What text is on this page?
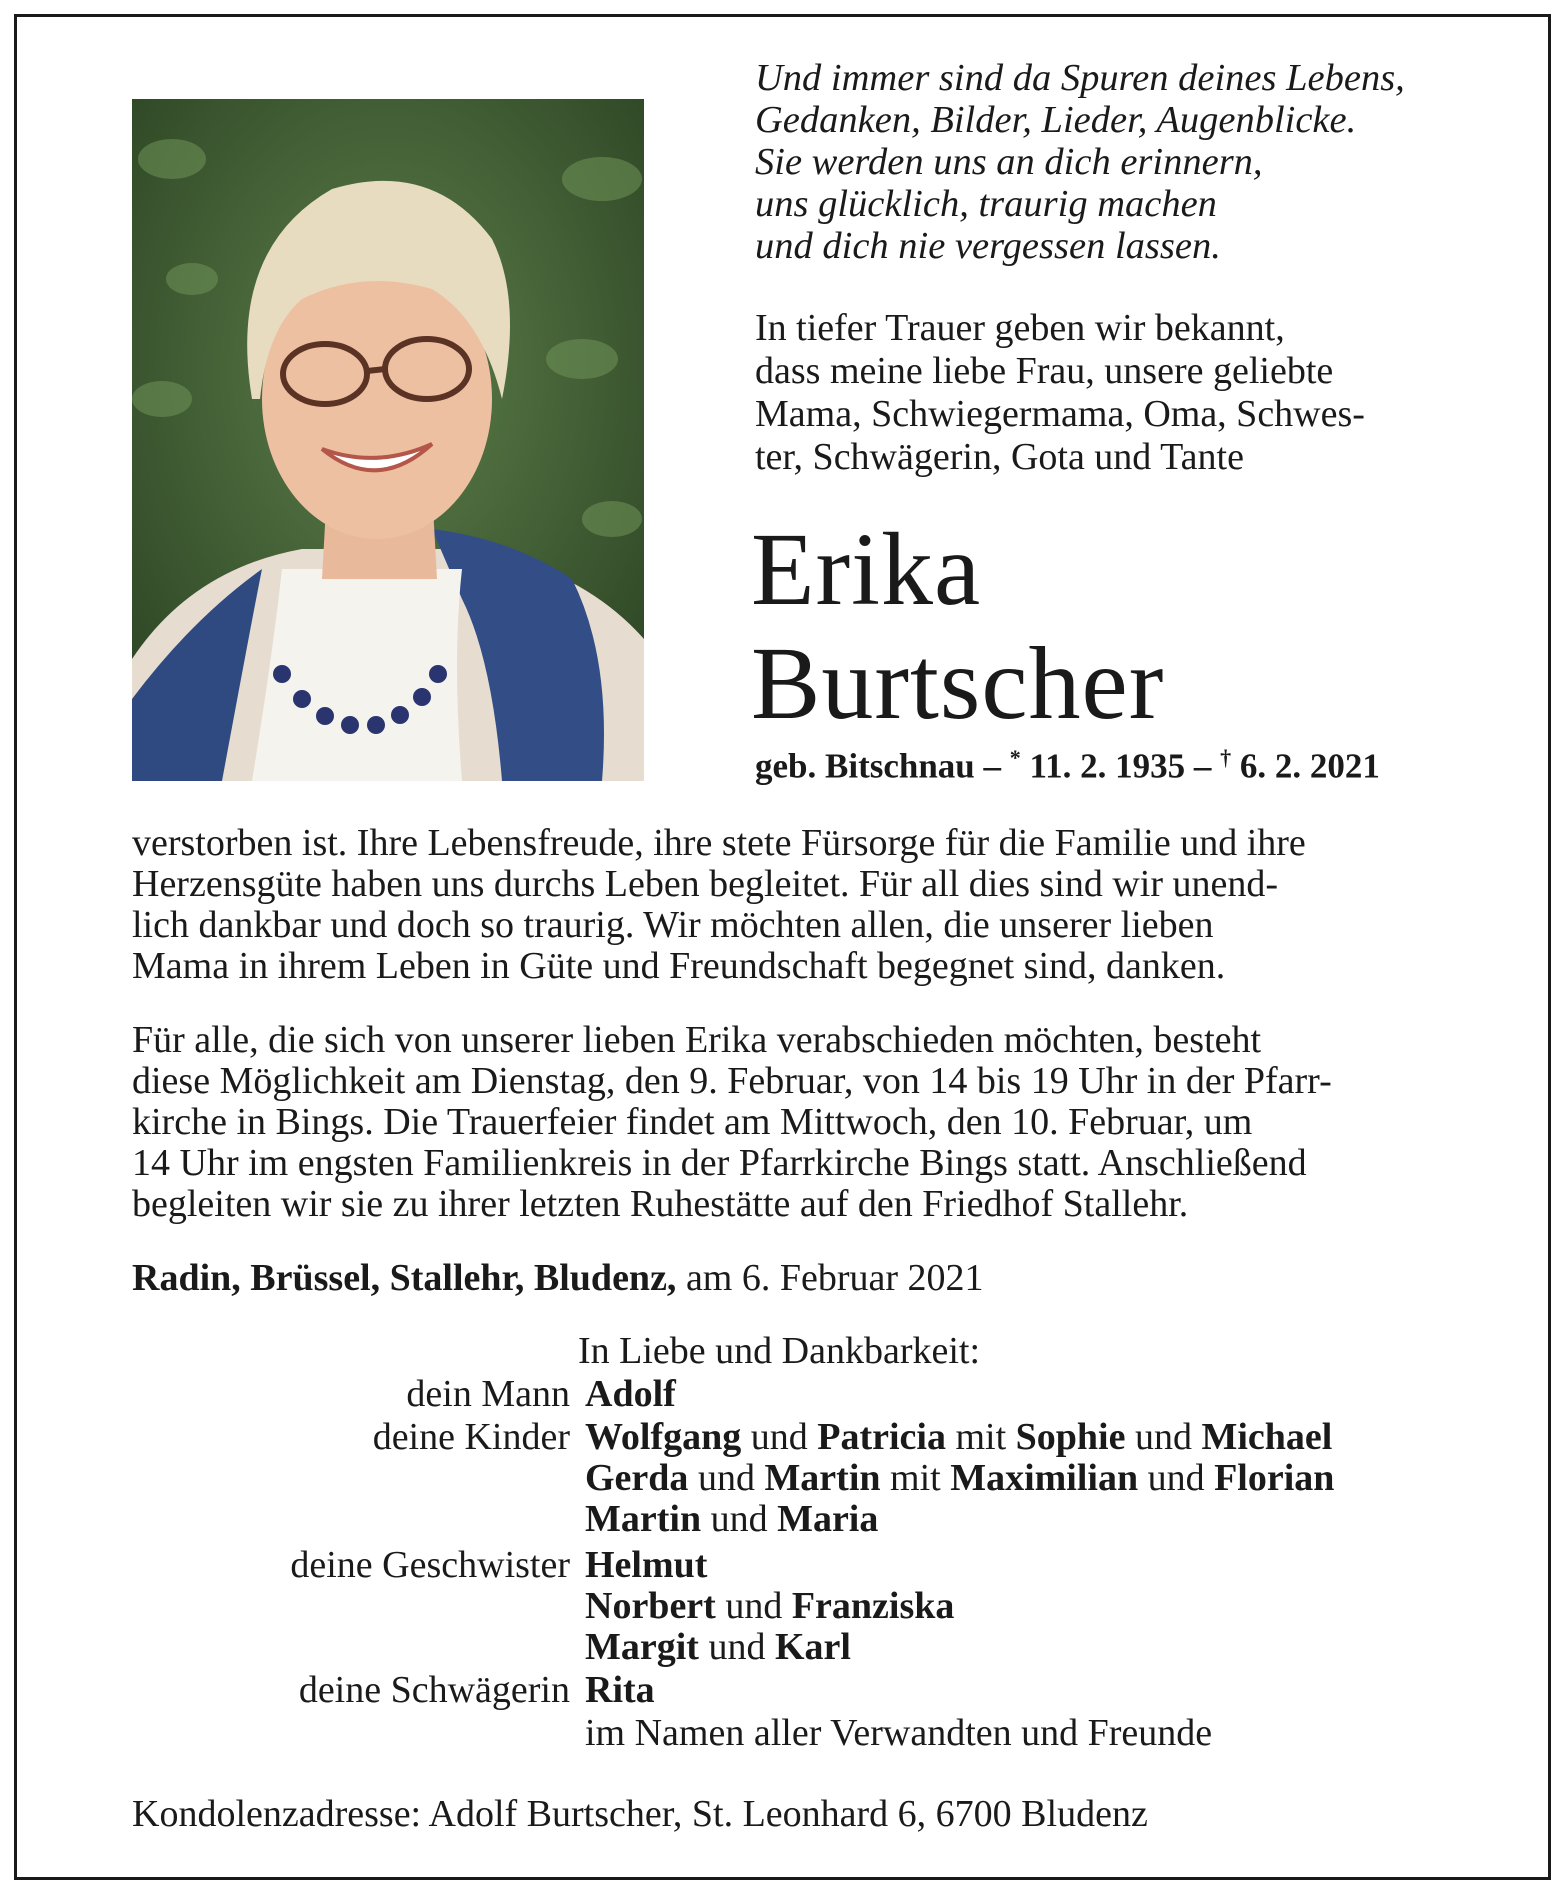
Und immer sind da Spuren deines Lebens,
Gedanken, Bilder, Lieder, Augenblicke.
Sie werden uns an dich erinnern,
uns glücklich, traurig machen
und dich nie vergessen lassen.
In tiefer Trauer geben wir bekannt,
dass meine liebe Frau, unsere geliebte
Mama, Schwiegermama, Oma, Schwes-
ter, Schwägerin, Gota und Tante
Erika
Burtscher
geb. Bitschnau – * 11. 2. 1935 – † 6. 2. 2021
verstorben ist. Ihre Lebensfreude, ihre stete Fürsorge für die Familie und ihre
Herzensgüte haben uns durchs Leben begleitet. Für all dies sind wir unend-
lich dankbar und doch so traurig. Wir möchten allen, die unserer lieben
Mama in ihrem Leben in Güte und Freundschaft begegnet sind, danken.
Für alle, die sich von unserer lieben Erika verabschieden möchten, besteht
diese Möglichkeit am Dienstag, den 9. Februar, von 14 bis 19 Uhr in der Pfarr-
kirche in Bings. Die Trauerfeier findet am Mittwoch, den 10. Februar, um
14 Uhr im engsten Familienkreis in der Pfarrkirche Bings statt. Anschließend
begleiten wir sie zu ihrer letzten Ruhestätte auf den Friedhof Stallehr.
Radin, Brüssel, Stallehr, Bludenz, am 6. Februar 2021
In Liebe und Dankbarkeit:
dein Mann Adolf
deine Kinder Wolfgang und Patricia mit Sophie und Michael
Gerda und Martin mit Maximilian und Florian
Martin und Maria
deine Geschwister Helmut
Norbert und Franziska
Margit und Karl
deine Schwägerin Rita
im Namen aller Verwandten und Freunde
Kondolenzadresse: Adolf Burtscher, St. Leonhard 6, 6700 Bludenz
